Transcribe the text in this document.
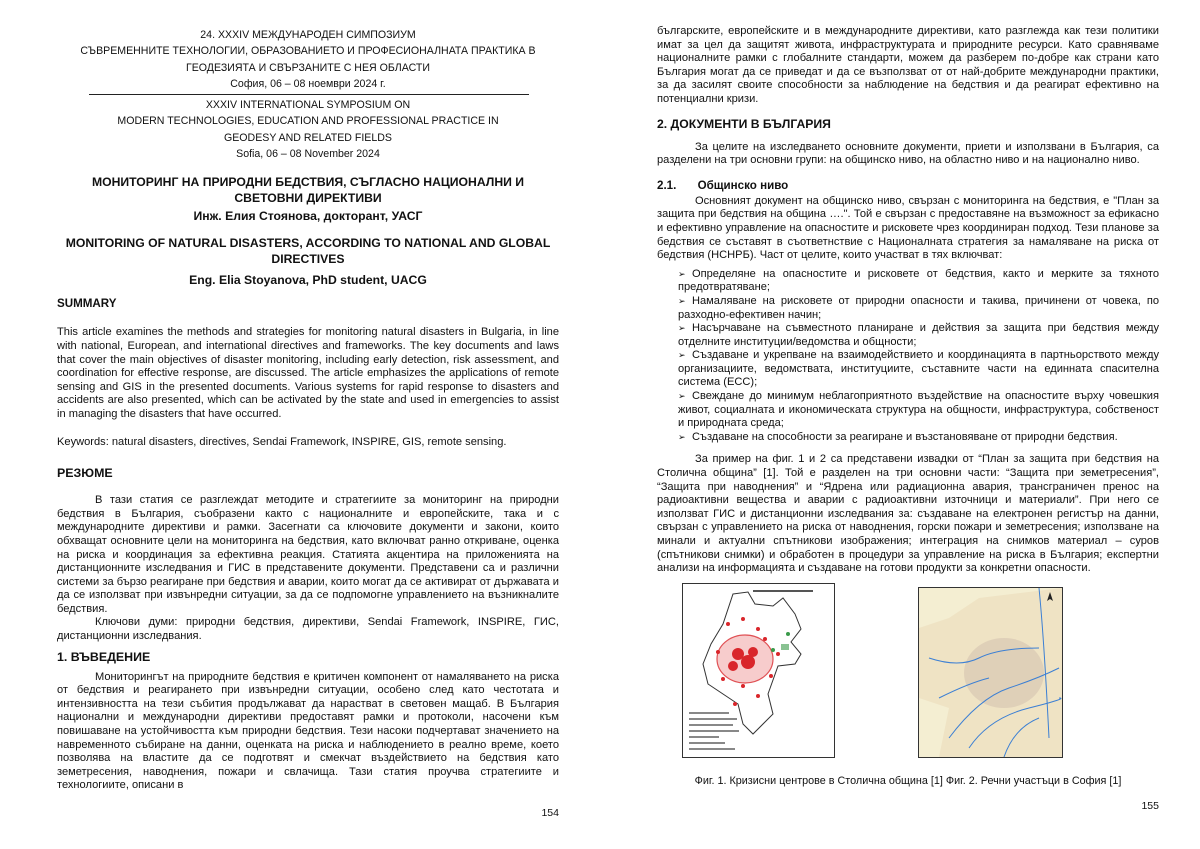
24. XXXIV МЕЖДУНАРОДЕН СИМПОЗИУМ
СЪВРЕМЕННИТЕ ТЕХНОЛОГИИ, ОБРАЗОВАНИЕТО И ПРОФЕСИОНАЛНАТА ПРАКТИКА В
ГЕОДЕЗИЯТА И СВЪРЗАНИТЕ С НЕЯ ОБЛАСТИ
София, 06 – 08 ноември 2024 г.
XXXIV INTERNATIONAL SYMPOSIUM ON
MODERN TECHNOLOGIES, EDUCATION AND PROFESSIONAL PRACTICE IN
GEODESY AND RELATED FIELDS
Sofia, 06 – 08 November 2024
МОНИТОРИНГ НА ПРИРОДНИ БЕДСТВИЯ, СЪГЛАСНО НАЦИОНАЛНИ И СВЕТОВНИ ДИРЕКТИВИ
Инж. Елия Стоянова, докторант, УАСГ
MONITORING OF NATURAL DISASTERS, ACCORDING TO NATIONAL AND GLOBAL DIRECTIVES
Eng. Elia Stoyanova, PhD student, UACG
SUMMARY

This article examines the methods and strategies for monitoring natural disasters in Bulgaria, in line with national, European, and international directives and frameworks. The key documents and laws that cover the main objectives of disaster monitoring, including early detection, risk assessment, and coordination for effective response, are discussed. The article emphasizes the applications of remote sensing and GIS in the presented documents. Various systems for rapid response to disasters and accidents are also presented, which can be activated by the state and used in emergencies to assist in managing the disasters that have occurred.

Keywords: natural disasters, directives, Sendai Framework, INSPIRE, GIS, remote sensing.

РЕЗЮМЕ

В тази статия се разглеждат методите и стратегиите за мониторинг на природни бедствия в България, съобразени както с националните и европейските, така и с международните директиви и рамки. Засегнати са ключовите документи и закони, които обхващат основните цели на мониторинга на бедствия, като включват ранно откриване, оценка на риска и координация за ефективна реакция. Статията акцентира на приложенията на дистанционните изследвания и ГИС в представените документи. Представени са и различни системи за бързо реагиране при бедствия и аварии, които могат да се активират от държавата и да се използват при извънредни ситуации, за да се подпомогне управлението на възникналите бедствия.

Ключови думи: природни бедствия, директиви, Sendai Framework, INSPIRE, ГИС, дистанционни изследвания.

1. ВЪВЕДЕНИЕ

Мониторингът на природните бедствия е критичен компонент от намаляването на риска от бедствия и реагирането при извънредни ситуации, особено след като честотата и интензивността на тези събития продължават да нарастват в световен мащаб. В България национални и международни директиви предоставят рамки и протоколи, насочени към повишаване на устойчивостта към природни бедствия. Тези насоки подчертават значението на навременното събиране на данни, оценката на риска и наблюдението в реално време, което позволява на властите да се подготвят и смекчат въздействието на бедствия като земетресения, наводнения, пожари и свлачища. Тази статия проучва стратегиите и технологиите, описани в

154

българските, европейските и в международните директиви, като разглежда как тези политики имат за цел да защитят живота, инфраструктурата и природните ресурси. Като сравняваме националните рамки с глобалните стандарти, можем да разберем по-добре как страни като България могат да се приведат и да се възползват от от най-добрите международни практики, за да засилят своите способности за наблюдение на бедствия и да реагират ефективно на потенциални кризи.

2. ДОКУМЕНТИ В БЪЛГАРИЯ

За целите на изследването основните документи, приети и използвани в България, са разделени на три основни групи: на общинско ниво, на областно ниво и на национално ниво.

2.1. Общинско ниво

Основният документ на общинско ниво, свързан с мониторинга на бедствия, е "План за защита при бедствия на община ….". Той е свързан с предоставяне на възможност за ефикасно и ефективно управление на опасностите и рисковете чрез координиран подход. Тези планове за бедствия се съставят в съответнствие с Националната стратегия за намаляване на риска от бедствия (НСНРБ). Част от целите, които участват в тях включват:

➢ Определяне на опасностите и рисковете от бедствия, както и мерките за тяхното предотвратяване;
➢ Намаляване на рисковете от природни опасности и такива, причинени от човека, по разходно-ефективен начин;
➢ Насърчаване на съвместното планиране и действия за защита при бедствия между отделните институции/ведомства и общности;
➢ Създаване и укрепване на взаимодействието и координацията в партньорството между организациите, ведомствата, институциите, съставните части на единната спасителна система (ЕСС);
➢ Свеждане до минимум неблагоприятното въздействие на опасностите върху човешкия живот, социалната и икономическата структура на общности, инфраструктура, собственост и природната среда;
➢ Създаване на способности за реагиране и възстановяване от природни бедствия.

За пример на фиг. 1 и 2 са представени извадки от “План за защита при бедствия на Столична община” [1]. Той е разделен на три основни части: “Защита при земетресения”, “Защита при наводнения” и “Ядрена или радиационна авария, трансграничен пренос на радиоактивни вещества и аварии с радиоактивни източници и материали”. При него се използват ГИС и дистанционни изследвания за: създаване на електронен регистър на данни, свързан с управлението на риска от наводнения, горски пожари и земетресения; използване на минали и актуални спътникови изображения; интеграция на снимков материал – суров (спътникови снимки) и обработен в процедури за управление на риска в България; експертни анализи на информацията и създаване на готови продукти за конкретни опасности.

Фиг. 1. Кризисни центрове в Столична община [1] Фиг. 2. Речни участъци в София [1]
155
